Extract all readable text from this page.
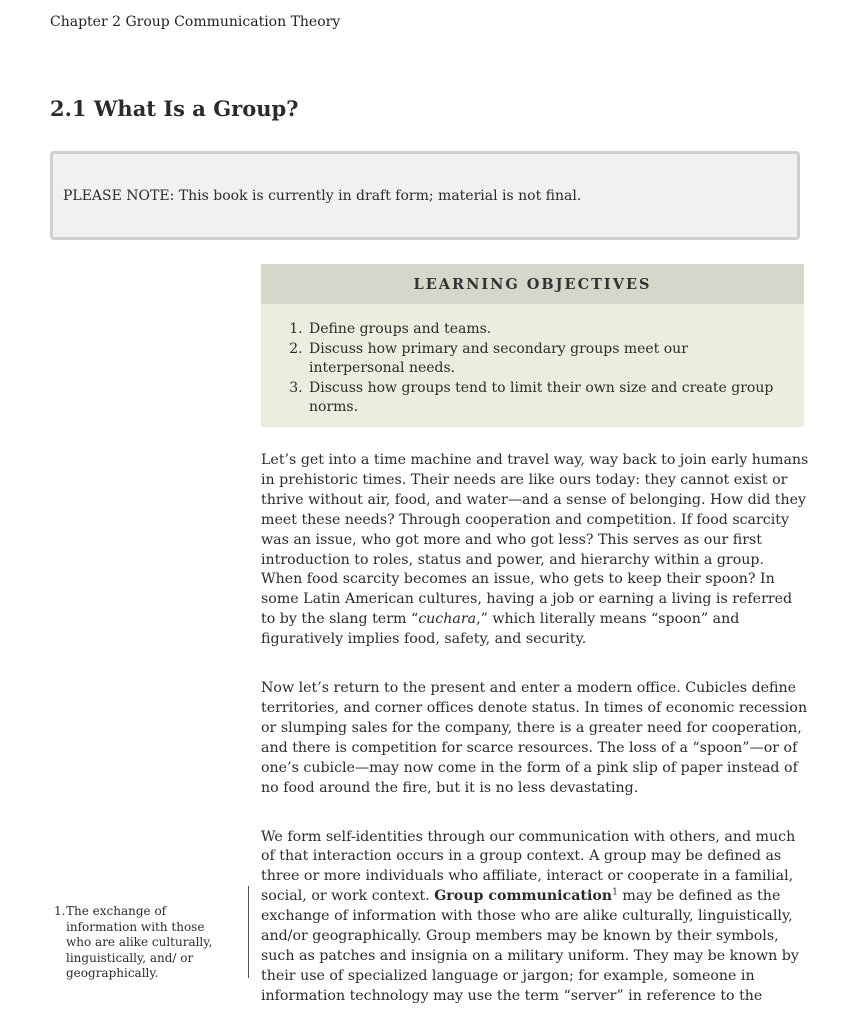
Chapter 2 Group Communication Theory
2.1 What Is a Group?
PLEASE NOTE: This book is currently in draft form; material is not final.
LEARNING OBJECTIVES
1. Define groups and teams.
2. Discuss how primary and secondary groups meet our interpersonal needs.
3. Discuss how groups tend to limit their own size and create group norms.

Let’s get into a time machine and travel way, way back to join early humans in prehistoric times. Their needs are like ours today: they cannot exist or thrive without air, food, and water—and a sense of belonging. How did they meet these needs? Through cooperation and competition. If food scarcity was an issue, who got more and who got less? This serves as our first introduction to roles, status and power, and hierarchy within a group. When food scarcity becomes an issue, who gets to keep their spoon? In some Latin American cultures, having a job or earning a living is referred to by the slang term “cuchara,” which literally means “spoon” and figuratively implies food, safety, and security.

Now let’s return to the present and enter a modern office. Cubicles define territories, and corner offices denote status. In times of economic recession or slumping sales for the company, there is a greater need for cooperation, and there is competition for scarce resources. The loss of a “spoon”—or of one’s cubicle—may now come in the form of a pink slip of paper instead of no food around the fire, but it is no less devastating.

We form self-identities through our communication with others, and much of that interaction occurs in a group context. A group may be defined as three or more individuals who affiliate, interact or cooperate in a familial, social, or work context. Group communication$^1$ may be defined as the exchange of information with those who are alike culturally, linguistically, and/or geographically. Group members may be known by their symbols, such as patches and insignia on a military uniform. They may be known by their use of specialized language or jargon; for example, someone in information technology may use the term “server” in reference to the

1. The exchange of information with those who are alike culturally, linguistically, and/ or geographically.
